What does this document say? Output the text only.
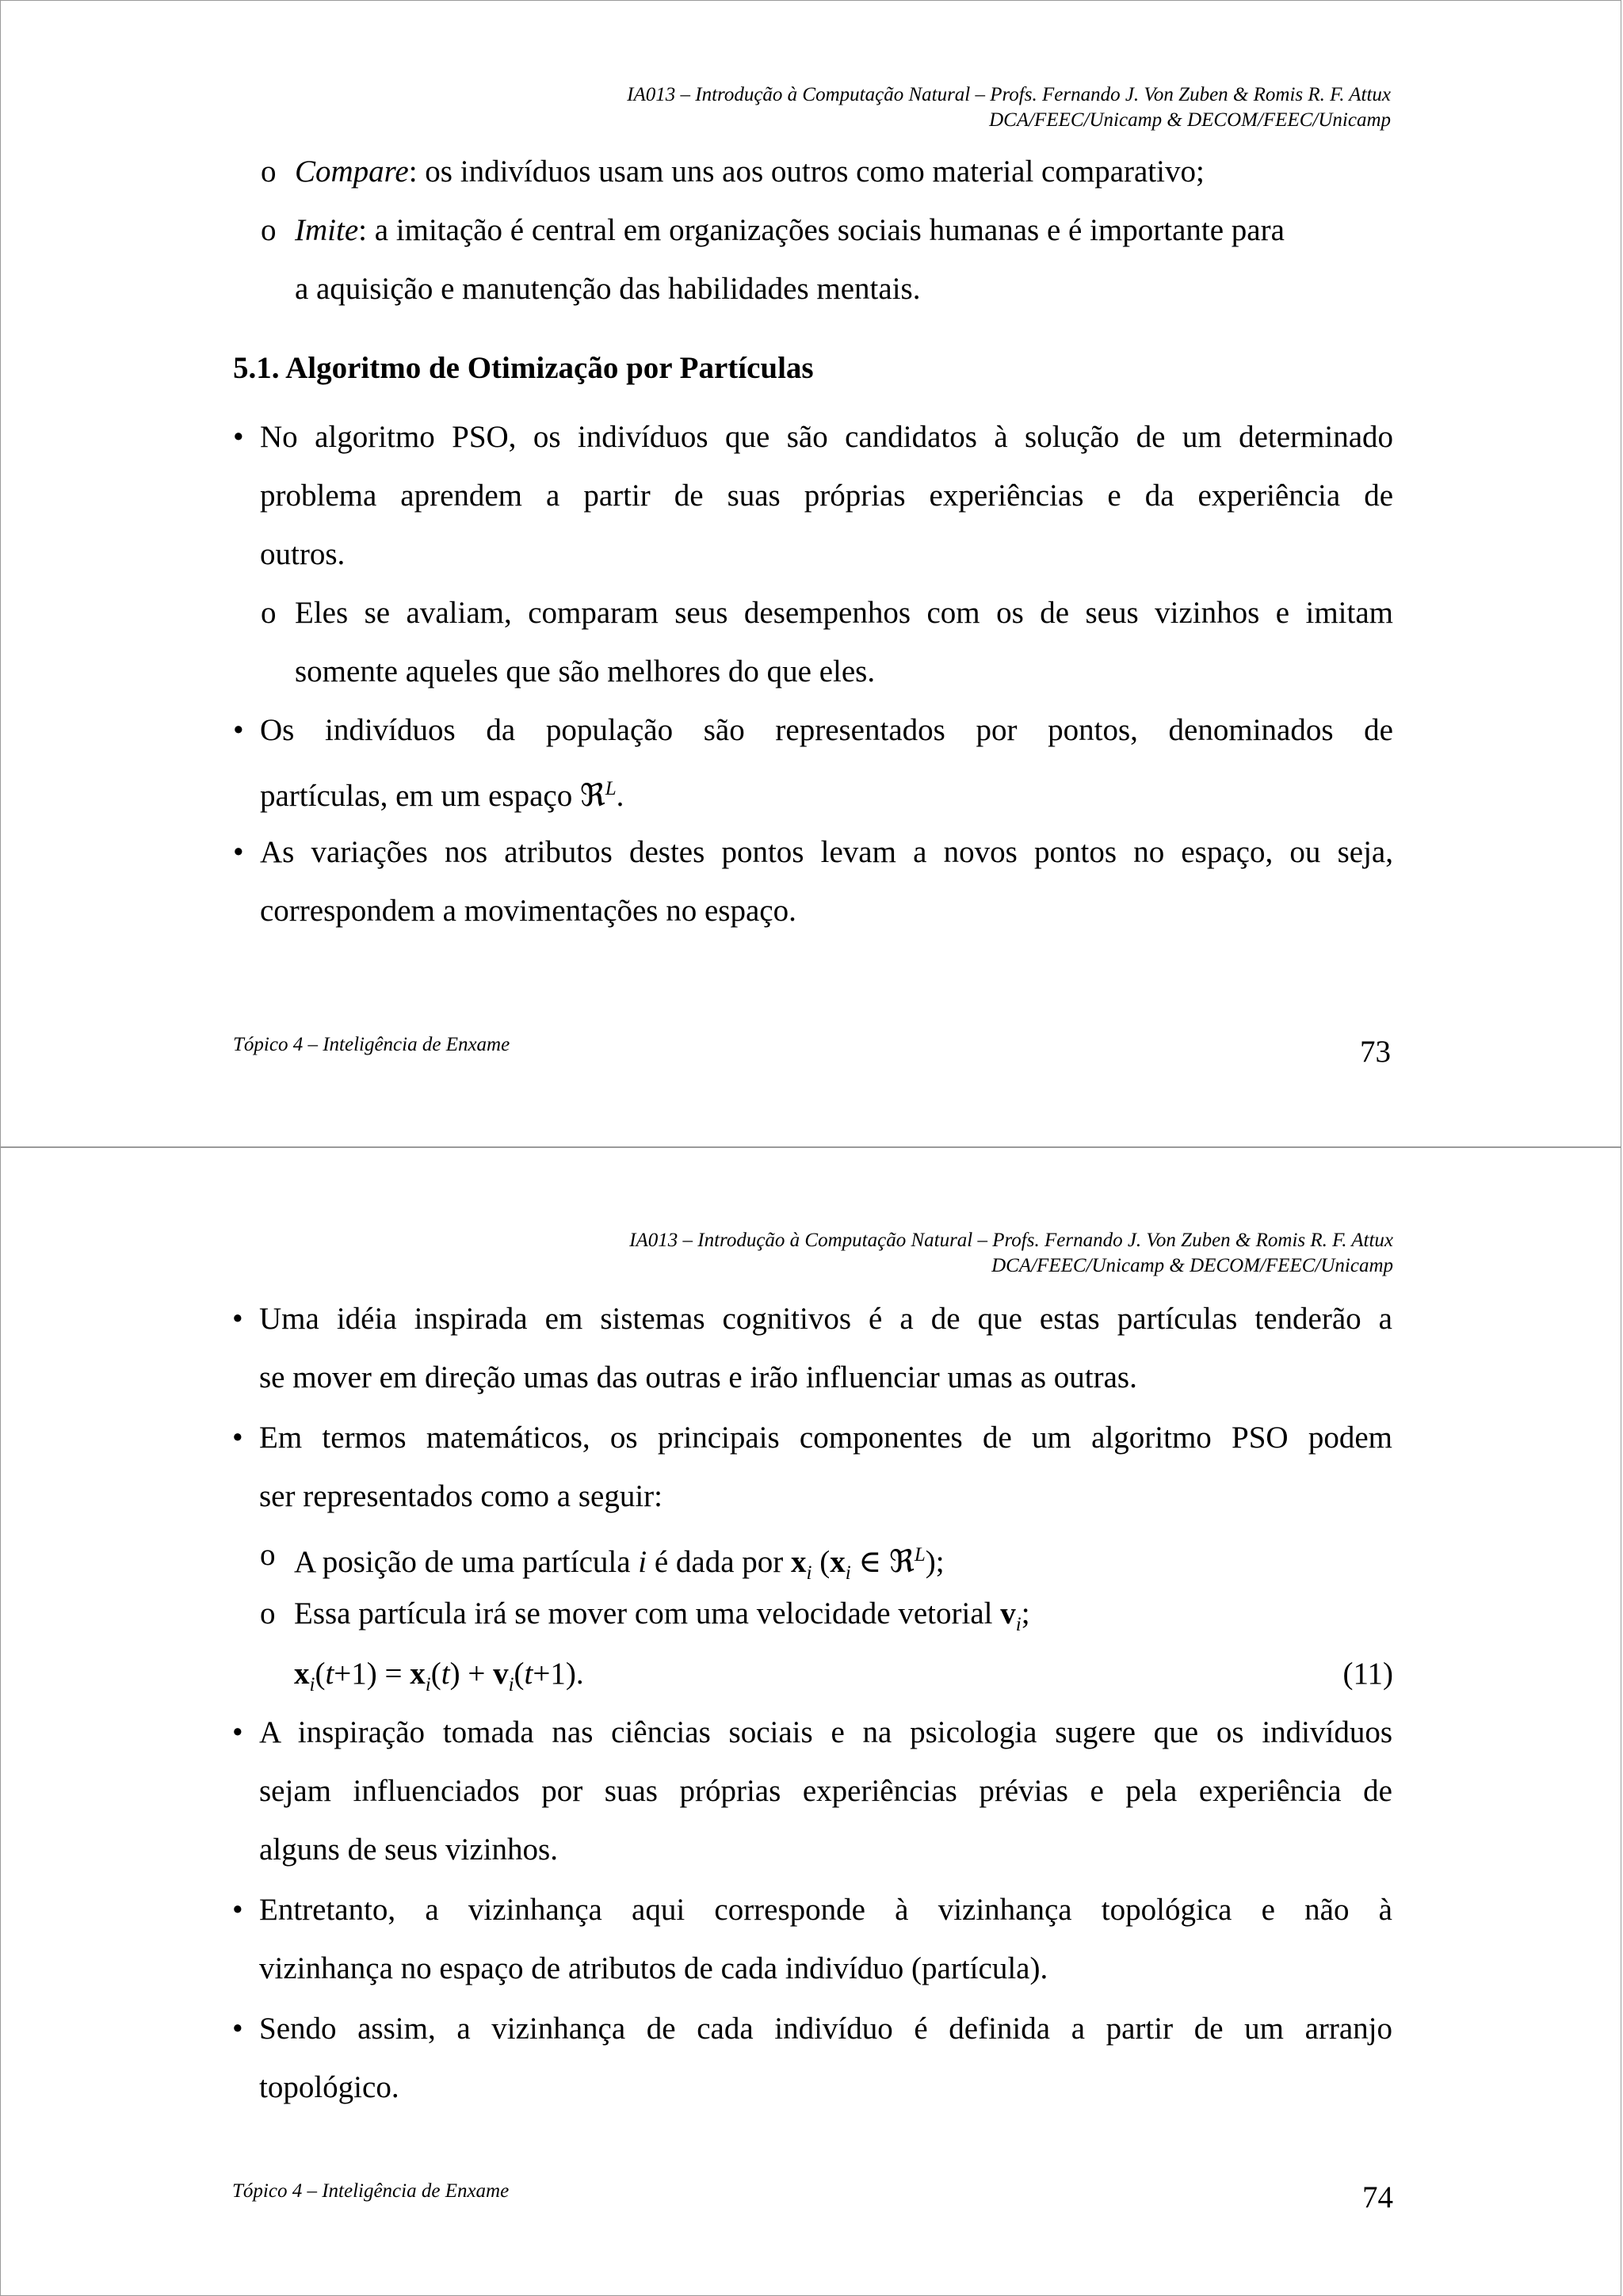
IA013 – Introdução à Computação Natural – Profs. Fernando J. Von Zuben & Romis R. F. Attux
DCA/FEEC/Unicamp & DECOM/FEEC/Unicamp
o Compare: os indivíduos usam uns aos outros como material comparativo;
o Imite: a imitação é central em organizações sociais humanas e é importante para
a aquisição e manutenção das habilidades mentais.
5.1. Algoritmo de Otimização por Partículas
• No algoritmo PSO, os indivíduos que são candidatos à solução de um determinado
problema aprendem a partir de suas próprias experiências e da experiência de
outros.
o Eles se avaliam, comparam seus desempenhos com os de seus vizinhos e imitam
somente aqueles que são melhores do que eles.
• Os indivíduos da população são representados por pontos, denominados de
partículas, em um espaço ℜ$^L$.
• As variações nos atributos destes pontos levam a novos pontos no espaço, ou seja,
correspondem a movimentações no espaço.
Tópico 4 – Inteligência de Enxame	73
IA013 – Introdução à Computação Natural – Profs. Fernando J. Von Zuben & Romis R. F. Attux
DCA/FEEC/Unicamp & DECOM/FEEC/Unicamp
• Uma idéia inspirada em sistemas cognitivos é a de que estas partículas tenderão a
se mover em direção umas das outras e irão influenciar umas as outras.
• Em termos matemáticos, os principais componentes de um algoritmo PSO podem
ser representados como a seguir:
o A posição de uma partícula i é dada por $x_i$ ($x_i$ ∈ ℜ$^L$);
o Essa partícula irá se mover com uma velocidade vetorial $v_i$;
$x_i(t+1) = x_i(t) + v_i(t+1)$.	(11)
• A inspiração tomada nas ciências sociais e na psicologia sugere que os indivíduos
sejam influenciados por suas próprias experiências prévias e pela experiência de
alguns de seus vizinhos.
• Entretanto, a vizinhança aqui corresponde à vizinhança topológica e não à
vizinhança no espaço de atributos de cada indivíduo (partícula).
• Sendo assim, a vizinhança de cada indivíduo é definida a partir de um arranjo
topológico.
Tópico 4 – Inteligência de Enxame	74
